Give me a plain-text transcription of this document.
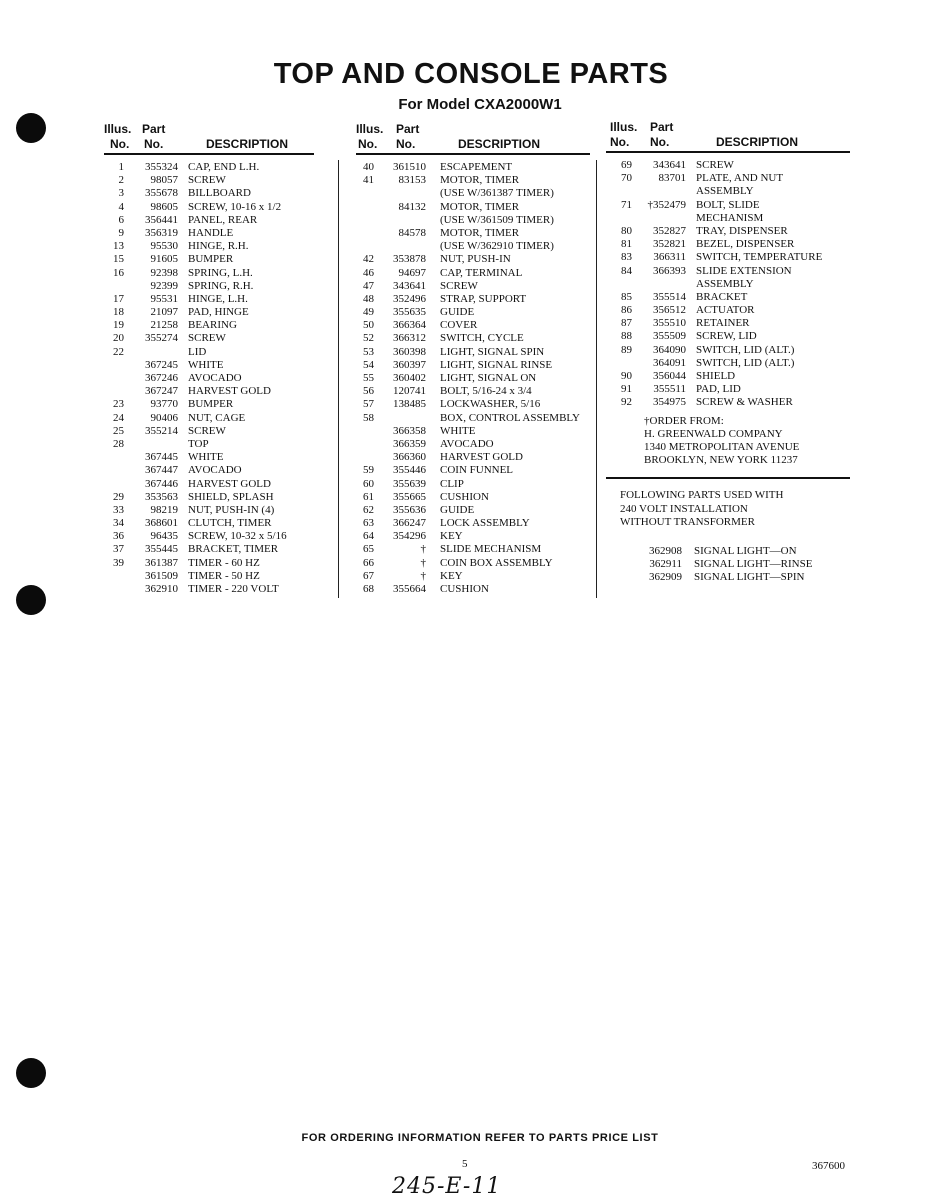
TOP AND CONSOLE PARTS
For Model CXA2000W1
Illus. Part
No. No.	DESCRIPTION
1	355324 CAP, END L.H.
2	98057 SCREW
3	355678 BILLBOARD
4	98605 SCREW, 10-16 x 1/2
6	356441 PANEL, REAR
9	356319 HANDLE
13	95530 HINGE, R.H.
15	91605 BUMPER
16	92398 SPRING, L.H.
92399 SPRING, R.H.
17	95531 HINGE, L.H.
18	21097 PAD, HINGE
19	21258 BEARING
20	355274 SCREW
22	LID
367245 WHITE
367246 AVOCADO
367247 HARVEST GOLD
23	93770 BUMPER
24	90406 NUT, CAGE
25	355214 SCREW
28	TOP
367445 WHITE
367447 AVOCADO
367446 HARVEST GOLD
29	353563 SHIELD, SPLASH
33	98219 NUT, PUSH-IN (4)
34	368601 CLUTCH, TIMER
36	96435 SCREW, 10-32 x 5/16
37	355445 BRACKET, TIMER
39	361387 TIMER - 60 HZ
361509 TIMER - 50 HZ
362910 TIMER - 220 VOLT
Illus. Part
No. No.	DESCRIPTION
40	361510 ESCAPEMENT
41	83153 MOTOR, TIMER
(USE W/361387 TIMER)
84132 MOTOR, TIMER
(USE W/361509 TIMER)
84578 MOTOR, TIMER
(USE W/362910 TIMER)
42	353878 NUT, PUSH-IN
46	94697 CAP, TERMINAL
47	343641 SCREW
48	352496 STRAP, SUPPORT
49	355635 GUIDE
50	366364 COVER
52	366312 SWITCH, CYCLE
53	360398 LIGHT, SIGNAL SPIN
54	360397 LIGHT, SIGNAL RINSE
55	360402 LIGHT, SIGNAL ON
56	120741 BOLT, 5/16-24 x 3/4
57	138485 LOCKWASHER, 5/16
58	BOX, CONTROL ASSEMBLY
366358 WHITE
366359 AVOCADO
366360 HARVEST GOLD
59	355446 COIN FUNNEL
60	355639 CLIP
61	355665 CUSHION
62	355636 GUIDE
63	366247 LOCK ASSEMBLY
64	354296 KEY
65	† SLIDE MECHANISM
66	† COIN BOX ASSEMBLY
67	† KEY
68	355664 CUSHION
Illus. Part
No. No.	DESCRIPTION
69	343641 SCREW
70	83701 PLATE, AND NUT
ASSEMBLY
71	†352479 BOLT, SLIDE
MECHANISM
80	352827 TRAY, DISPENSER
81	352821 BEZEL, DISPENSER
83	366311 SWITCH, TEMPERATURE
84	366393 SLIDE EXTENSION
ASSEMBLY
85	355514 BRACKET
86	356512 ACTUATOR
87	355510 RETAINER
88	355509 SCREW, LID
89	364090 SWITCH, LID (ALT.)
364091 SWITCH, LID (ALT.)
90	356044 SHIELD
91	355511 PAD, LID
92	354975 SCREW & WASHER
†ORDER FROM:
H. GREENWALD COMPANY
1340 METROPOLITAN AVENUE
BROOKLYN, NEW YORK 11237
FOLLOWING PARTS USED WITH
240 VOLT INSTALLATION
WITHOUT TRANSFORMER
362908 SIGNAL LIGHT—ON
362911 SIGNAL LIGHT—RINSE
362909 SIGNAL LIGHT—SPIN
FOR ORDERING INFORMATION REFER TO PARTS PRICE LIST
5	367600
245-E-11
